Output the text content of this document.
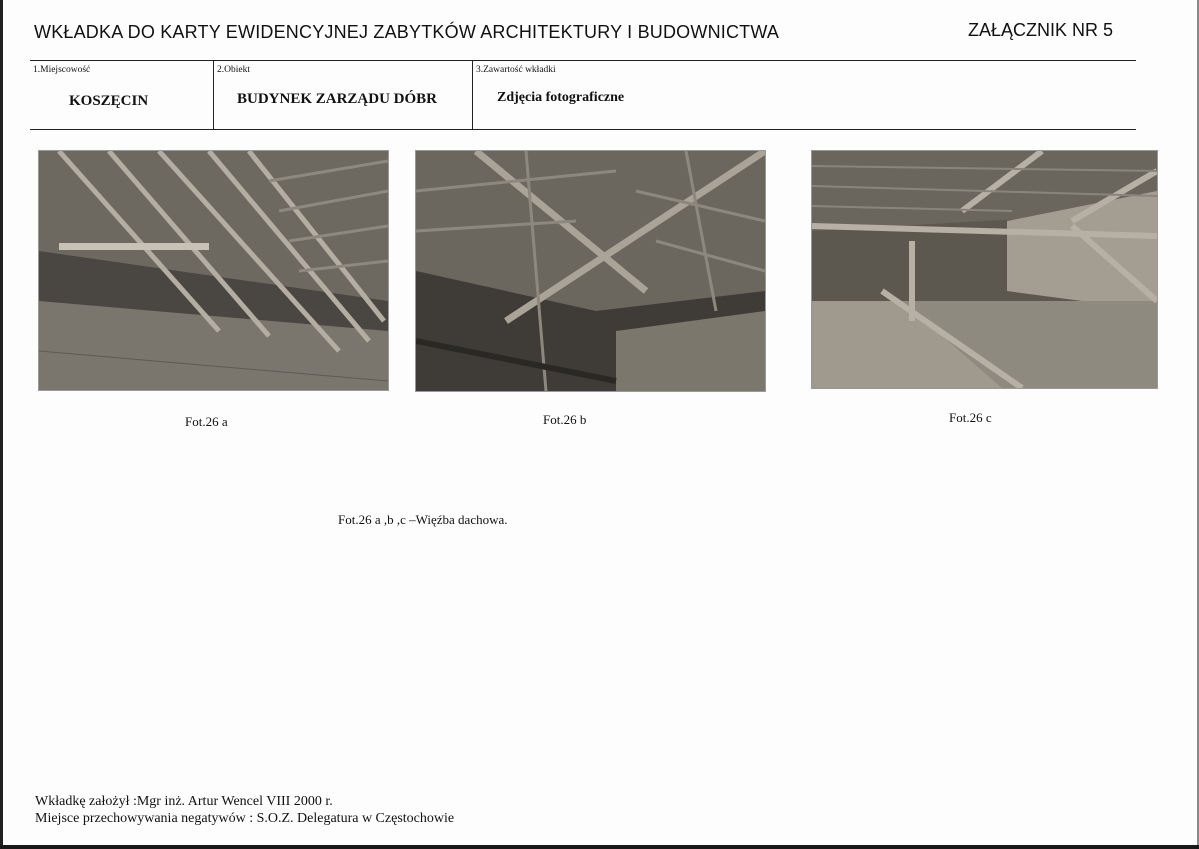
WKŁADKA DO KARTY EWIDENCYJNEJ ZABYTKÓW ARCHITEKTURY I BUDOWNICTWA	ZAŁĄCZNIK NR 5
1.Miejscowość
KOSZĘCIN
2.Obiekt
BUDYNEK ZARZĄDU DÓBR
3.Zawartość wkładki
Zdjęcia fotograficzne
Fot.26 a	Fot.26 b	Fot.26 c
Fot.26 a ,b ,c –Więźba dachowa.
Wkładkę założył :Mgr inż. Artur Wencel VIII 2000 r.
Miejsce przechowywania negatywów : S.O.Z. Delegatura w Częstochowie
